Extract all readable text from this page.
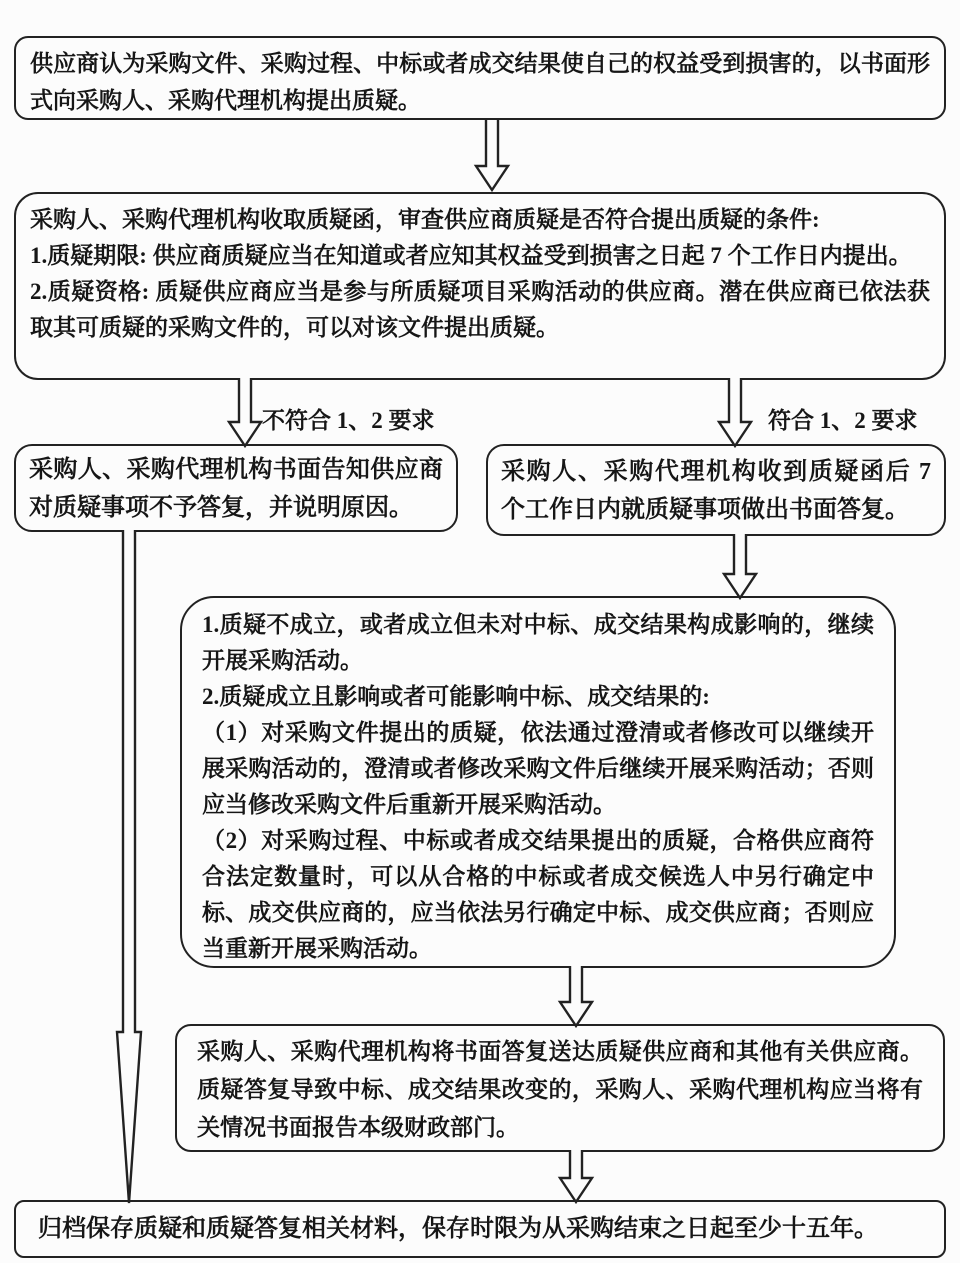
供应商认为采购文件、采购过程、中标或者成交结果使自己的权益受到损害的，以书面形式向采购人、采购代理机构提出质疑。

采购人、采购代理机构收取质疑函，审查供应商质疑是否符合提出质疑的条件:

1.质疑期限: 供应商质疑应当在知道或者应知其权益受到损害之日起 7 个工作日内提出。

2.质疑资格: 质疑供应商应当是参与所质疑项目采购活动的供应商。潜在供应商已依法获取其可质疑的采购文件的，可以对该文件提出质疑。

不符合 1、2 要求	符合 1、2 要求

采购人、采购代理机构书面告知供应商对质疑事项不予答复，并说明原因。

采购人、采购代理机构收到质疑函后 7 个工作日内就质疑事项做出书面答复。

1.质疑不成立，或者成立但未对中标、成交结果构成影响的，继续开展采购活动。

2.质疑成立且影响或者可能影响中标、成交结果的:

（1）对采购文件提出的质疑，依法通过澄清或者修改可以继续开展采购活动的，澄清或者修改采购文件后继续开展采购活动；否则应当修改采购文件后重新开展采购活动。

（2）对采购过程、中标或者成交结果提出的质疑，合格供应商符合法定数量时，可以从合格的中标或者成交候选人中另行确定中标、成交供应商的，应当依法另行确定中标、成交供应商；否则应当重新开展采购活动。

采购人、采购代理机构将书面答复送达质疑供应商和其他有关供应商。质疑答复导致中标、成交结果改变的，采购人、采购代理机构应当将有关情况书面报告本级财政部门。

归档保存质疑和质疑答复相关材料，保存时限为从采购结束之日起至少十五年。
